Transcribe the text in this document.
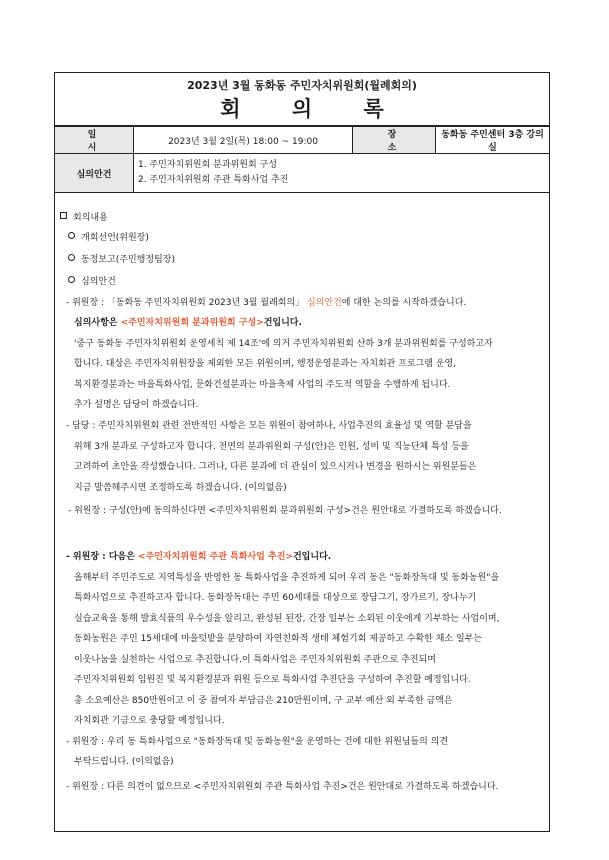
2023년 3월 동화동 주민자치위원회(월례회의)
회 의 록
일 시	2023년 3월 2일(목) 18:00 ~ 19:00	장 소	동화동 주민센터 3층 강의실
심의안건	1. 주민자치위원회 분과위원회 구성
2. 주민자치위원회 주관 특화사업 추진		
회의내용
개회선언(위원장)
동정보고(주민행정팀장)
심의안건
- 위원장 : 「동화동 주민자치위원회 2023년 3월 월례회의」 심의안건에 대한 논의를 시작하겠습니다.
심의사항은 <주민자치위원회 분과위원회 구성>건입니다.
'중구 동화동 주민자치위원회 운영세칙 제 14조'에 의거 주민자치위원회 산하 3개 분과위원회를 구성하고자
합니다. 대상은 주민자치위원장을 제외한 모든 위원이며, 행정운영분과는 자치회관 프로그램 운영,
복지환경분과는 마을특화사업, 문화건설분과는 마을축제 사업의 주도적 역할을 수행하게 됩니다.
추가 설명은 담당이 하겠습니다.
- 담당 : 주민자치위원회 관련 전반적인 사항은 모든 위원이 참여하나, 사업추진의 효율성 및 역할 분담을
위해 3개 분과로 구성하고자 합니다. 전면의 분과위원회 구성(안)은 인원, 성비 및 직능단체 특성 등을
고려하여 초안을 작성했습니다. 그러나, 다른 분과에 더 관심이 있으시거나 변경을 원하시는 위원분들은
지금 말씀해주시면 조정하도록 하겠습니다. (이의없음)
- 위원장 : 구성(안)에 동의하신다면 <주민자치위원회 분과위원회 구성>건은 원안대로 가결하도록 하겠습니다.
- 위원장 : 다음은 <주민자치위원회 주관 특화사업 추진>건입니다.
올해부터 주민주도로 지역특성을 반영한 동 특화사업을 추진하게 되어 우리 동은 "동화장독대 및 동화농원"을
특화사업으로 추진하고자 합니다. 동화장독대는 주민 60세대를 대상으로 장담그기, 장가르기, 장나누기
실습교육을 통해 발효식품의 우수성을 알리고, 완성된 된장, 간장 일부는 소외된 이웃에게 기부하는 사업이며,
동화농원은 주민 15세대에 마을텃밭을 분양하여 자연친화적 생태 체험기회 제공하고 수확한 채소 일부는
이웃나눔을 실천하는 사업으로 추진합니다.이 특화사업은 주민자치위원회 주관으로 추진되며
주민자치위원회 임원진 및 복지환경분과 위원 등으로 특화사업 추진단을 구성하여 추진할 예정입니다.
총 소요예산은 850만원이고 이 중 참여자 부담금은 210만원이며, 구 교부 예산 외 부족한 금액은
자치회관 기금으로 충당할 예정입니다.
- 위원장 : 우리 동 특화사업으로 "동화장독대 및 동화농원"을 운영하는 건에 대한 위원님들의 의견
부탁드립니다. (이의없음)
- 위원장 : 다른 의견이 없으므로 <주민자치위원회 주관 특화사업 추진>건은 원안대로 가결하도록 하겠습니다.
